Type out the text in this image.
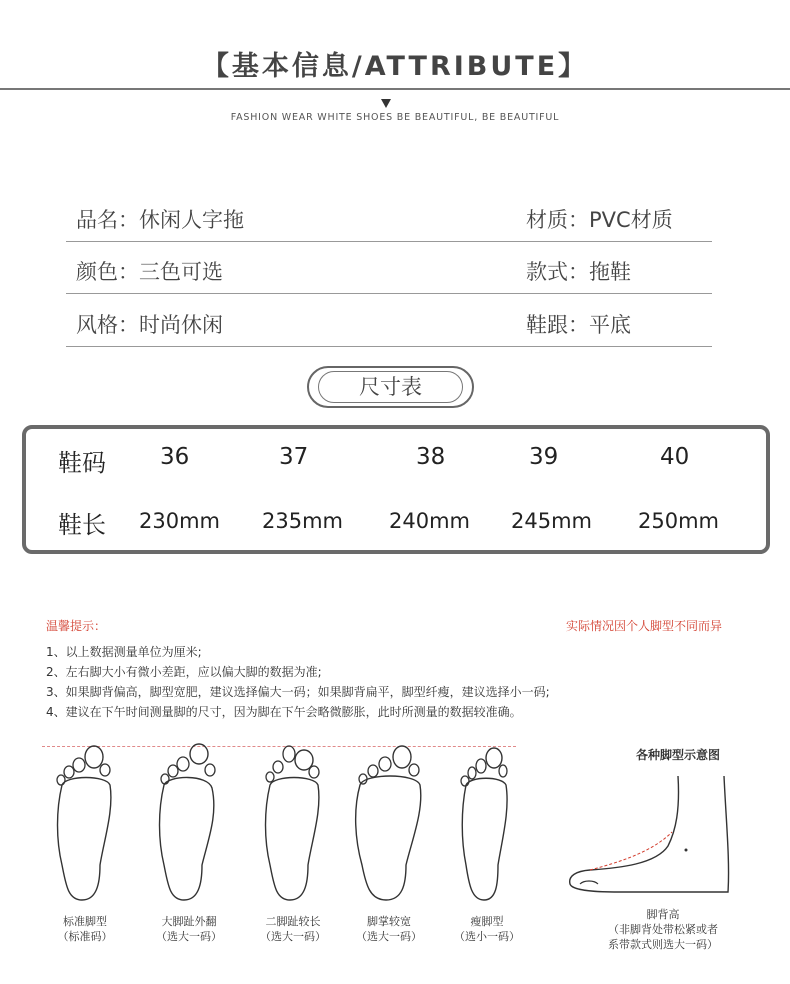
【基本信息/ATTRIBUTE】
FASHION WEAR WHITE SHOES BE BEAUTIFUL, BE BEAUTIFUL
品名：休闲人字拖	材质：PVC材质
颜色：三色可选	款式：拖鞋
风格：时尚休闲	鞋跟：平底
尺寸表
鞋码 36	37	38	39	40
鞋长 230mm 235mm 240mm 245mm 250mm
温馨提示：	实际情况因个人脚型不同而异
1、以上数据测量单位为厘米;
2、左右脚大小有微小差距，应以偏大脚的数据为准;
3、如果脚背偏高，脚型宽肥，建议选择偏大一码；如果脚背扁平，脚型纤瘦，建议选择小一码;
4、建议在下午时间测量脚的尺寸，因为脚在下午会略微膨胀，此时所测量的数据较准确。
标准脚型
（标准码）
大脚趾外翻
（选大一码）
二脚趾较长
（选大一码）
脚掌较宽
（选大一码）
瘦脚型
（选小一码）
各种脚型示意图
脚背高
（非脚背处带松紧或者
系带款式则选大一码）
